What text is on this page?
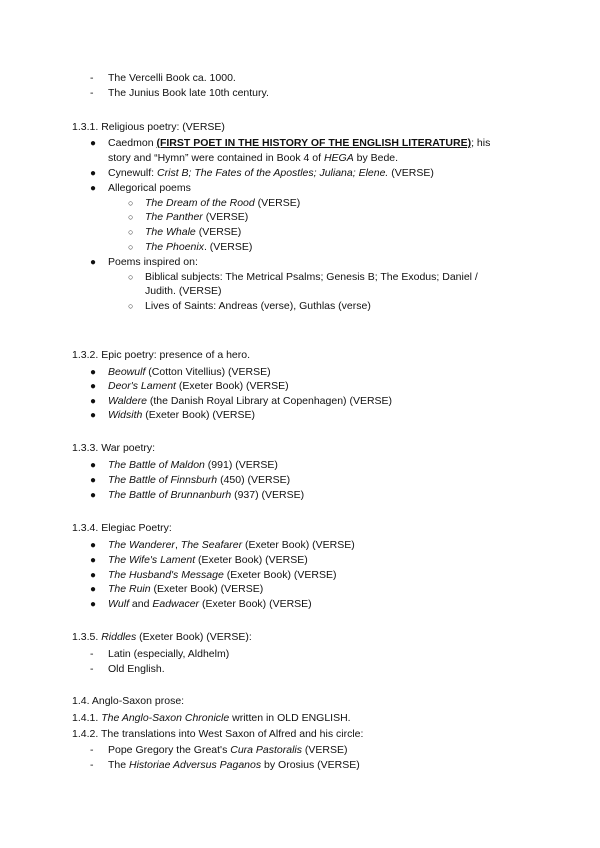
- The Vercelli Book ca. 1000.
- The Junius Book late 10th century.
1.3.1. Religious poetry: (VERSE)
● Caedmon (FIRST POET IN THE HISTORY OF THE ENGLISH LITERATURE); his
story and “Hymn” were contained in Book 4 of HEGA by Bede.
● Cynewulf: Crist B; The Fates of the Apostles; Juliana; Elene. (VERSE)
● Allegorical poems
○ The Dream of the Rood (VERSE)
○ The Panther (VERSE)
○ The Whale (VERSE)
○ The Phoenix. (VERSE)
● Poems inspired on:
○ Biblical subjects: The Metrical Psalms; Genesis B; The Exodus; Daniel /
Judith. (VERSE)
○ Lives of Saints: Andreas (verse), Guthlas (verse)
1.3.2. Epic poetry: presence of a hero.
● Beowulf (Cotton Vitellius) (VERSE)
● Deor's Lament (Exeter Book) (VERSE)
● Waldere (the Danish Royal Library at Copenhagen) (VERSE)
● Widsith (Exeter Book) (VERSE)
1.3.3. War poetry:
● The Battle of Maldon (991) (VERSE)
● The Battle of Finnsburh (450) (VERSE)
● The Battle of Brunnanburh (937) (VERSE)
1.3.4. Elegiac Poetry:
● The Wanderer, The Seafarer (Exeter Book) (VERSE)
● The Wife's Lament (Exeter Book) (VERSE)
● The Husband's Message (Exeter Book) (VERSE)
● The Ruin (Exeter Book) (VERSE)
● Wulf and Eadwacer (Exeter Book) (VERSE)
1.3.5. Riddles (Exeter Book) (VERSE):
- Latin (especially, Aldhelm)
- Old English.
1.4. Anglo-Saxon prose:
1.4.1. The Anglo-Saxon Chronicle written in OLD ENGLISH.
1.4.2. The translations into West Saxon of Alfred and his circle:
- Pope Gregory the Great's Cura Pastoralis (VERSE)
- The Historiae Adversus Paganos by Orosius (VERSE)
